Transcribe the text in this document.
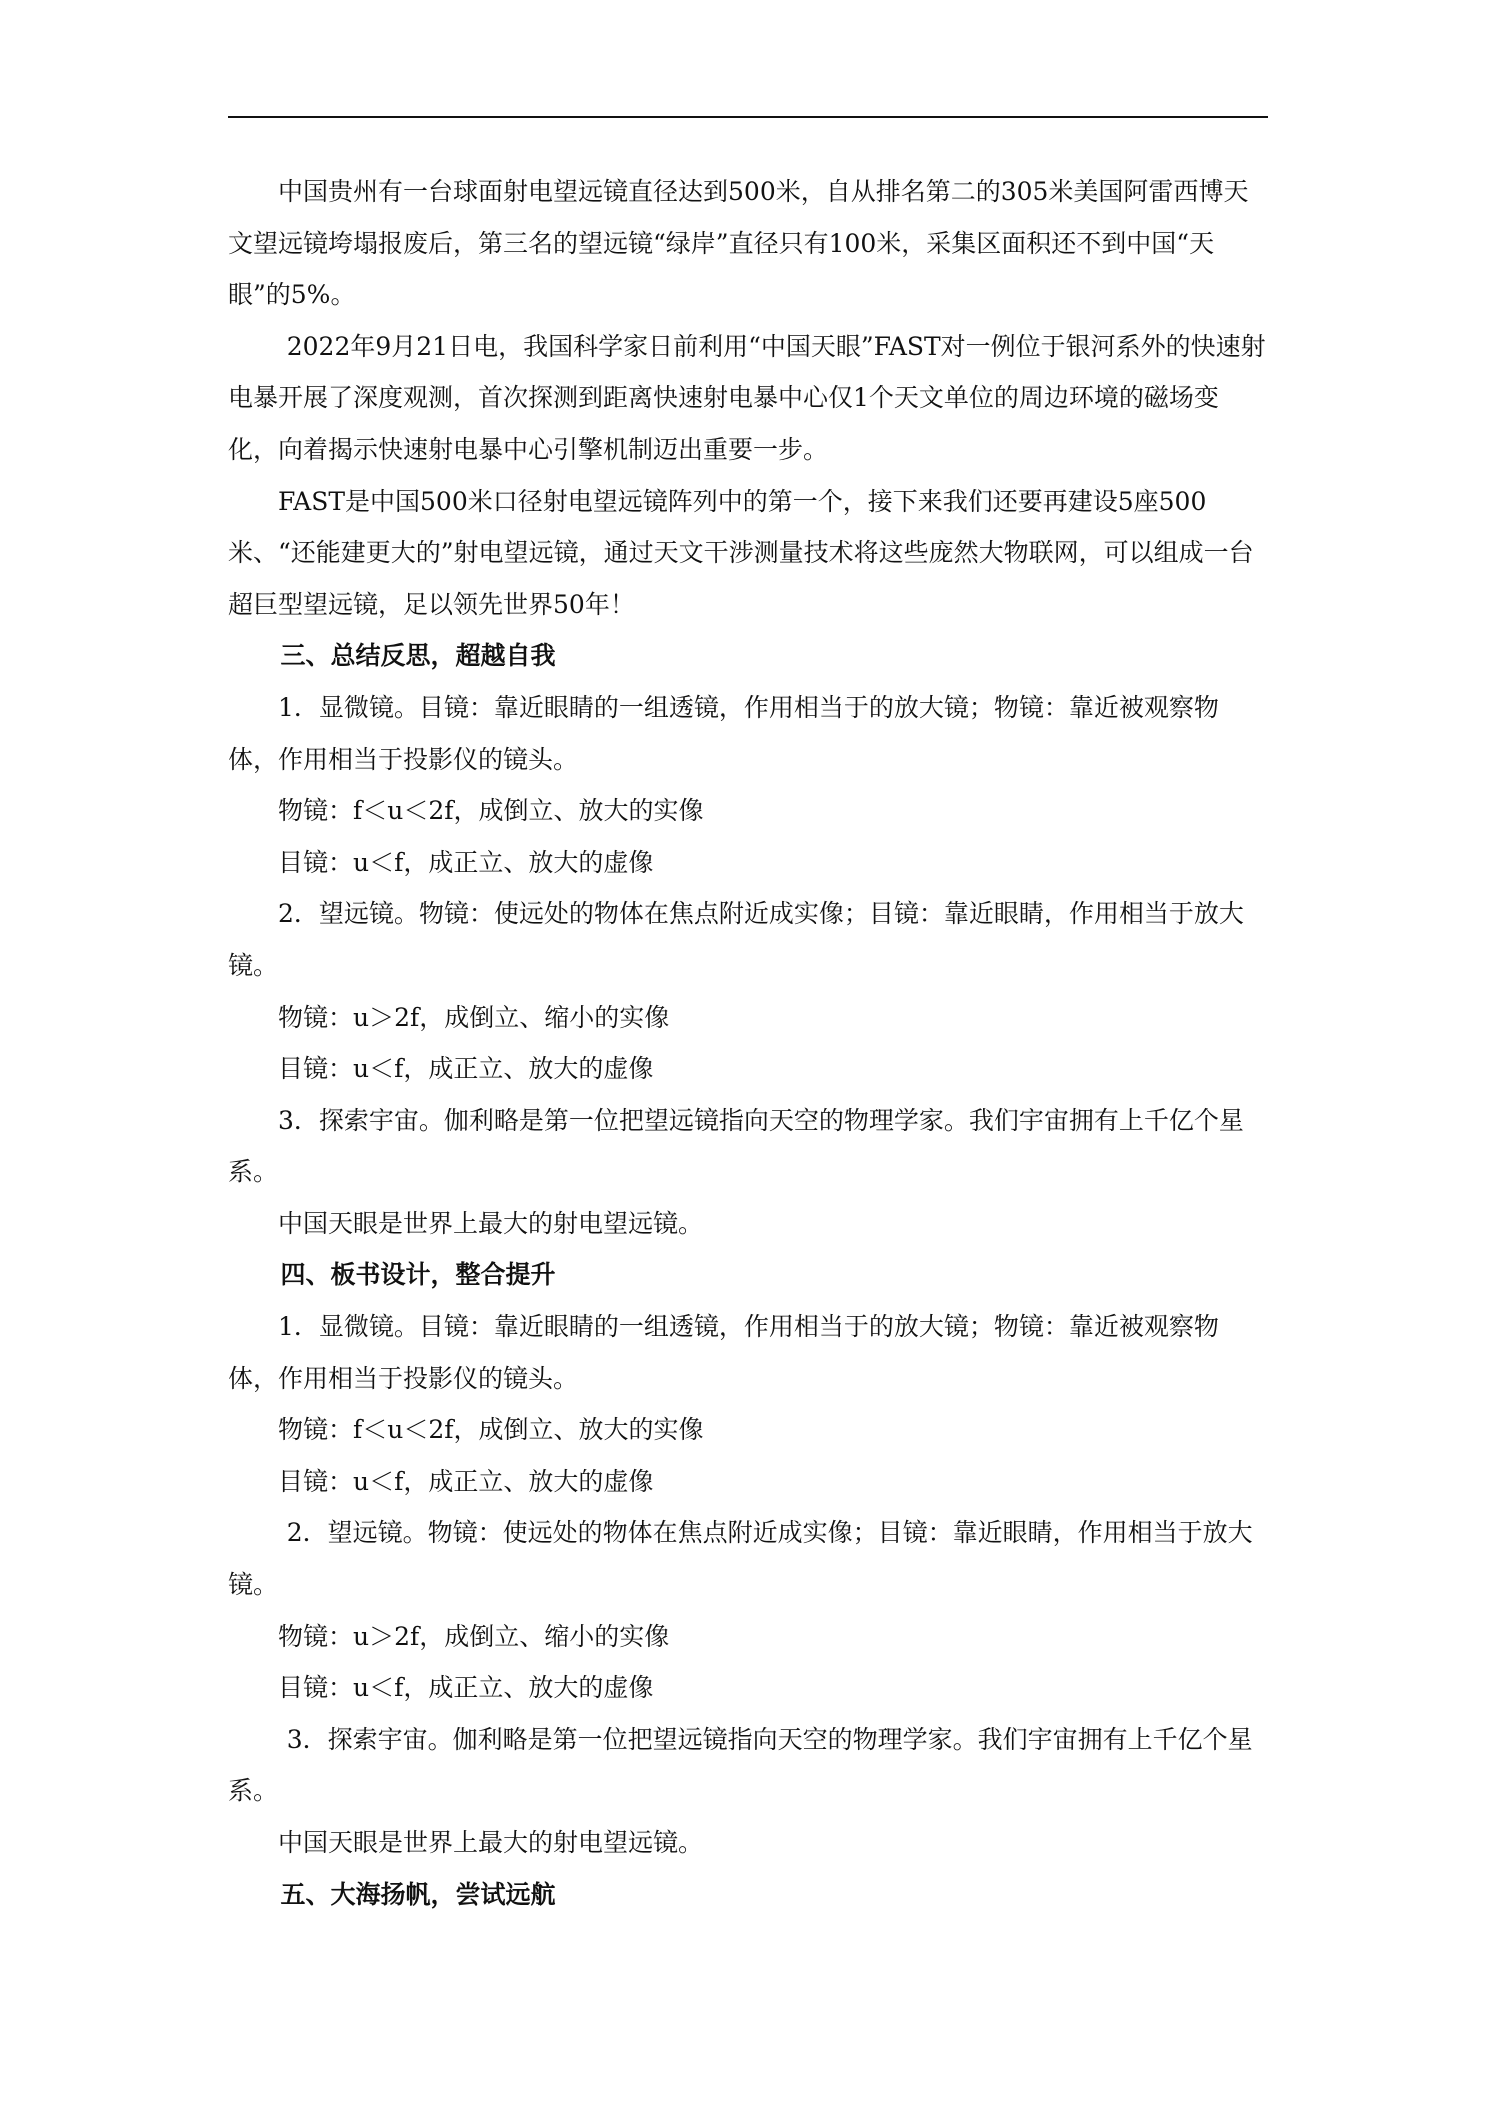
中国贵州有一台球面射电望远镜直径达到500米，自从排名第二的305米美国阿雷西博天文望远镜垮塌报废后，第三名的望远镜“绿岸”直径只有100米，采集区面积还不到中国“天眼”的5%。

2022年9月21日电，我国科学家日前利用“中国天眼”FAST对一例位于银河系外的快速射电暴开展了深度观测，首次探测到距离快速射电暴中心仅1个天文单位的周边环境的磁场变化，向着揭示快速射电暴中心引擎机制迈出重要一步。

FAST是中国500米口径射电望远镜阵列中的第一个，接下来我们还要再建设5座500米、“还能建更大的”射电望远镜，通过天文干涉测量技术将这些庞然大物联网，可以组成一台超巨型望远镜，足以领先世界50年！

三、总结反思，超越自我

1．显微镜。目镜：靠近眼睛的一组透镜，作用相当于的放大镜；物镜：靠近被观察物体，作用相当于投影仪的镜头。

物镜：f＜u＜2f，成倒立、放大的实像

目镜：u＜f，成正立、放大的虚像

2．望远镜。物镜：使远处的物体在焦点附近成实像；目镜：靠近眼睛，作用相当于放大镜。

物镜：u＞2f，成倒立、缩小的实像

目镜：u＜f，成正立、放大的虚像

3．探索宇宙。伽利略是第一位把望远镜指向天空的物理学家。我们宇宙拥有上千亿个星系。

中国天眼是世界上最大的射电望远镜。

四、板书设计，整合提升

1．显微镜。目镜：靠近眼睛的一组透镜，作用相当于的放大镜；物镜：靠近被观察物体，作用相当于投影仪的镜头。

物镜：f＜u＜2f，成倒立、放大的实像

目镜：u＜f，成正立、放大的虚像

2．望远镜。物镜：使远处的物体在焦点附近成实像；目镜：靠近眼睛，作用相当于放大镜。

物镜：u＞2f，成倒立、缩小的实像

目镜：u＜f，成正立、放大的虚像

3．探索宇宙。伽利略是第一位把望远镜指向天空的物理学家。我们宇宙拥有上千亿个星系。

中国天眼是世界上最大的射电望远镜。

五、大海扬帆，尝试远航
